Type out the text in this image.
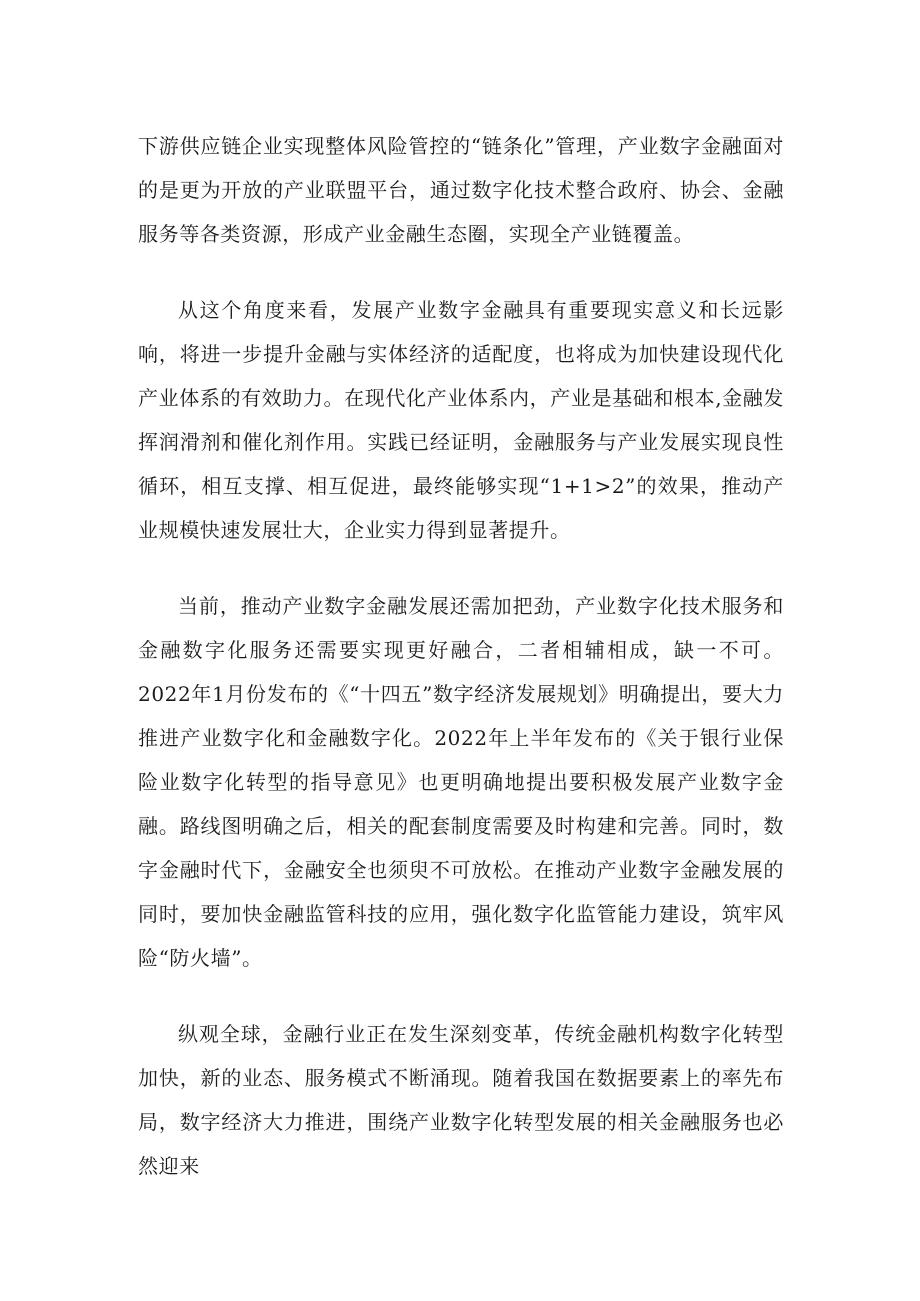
下游供应链企业实现整体风险管控的“链条化”管理，产业数字金融面对的是更为开放的产业联盟平台，通过数字化技术整合政府、协会、金融服务等各类资源，形成产业金融生态圈，实现全产业链覆盖。

从这个角度来看，发展产业数字金融具有重要现实意义和长远影响，将进一步提升金融与实体经济的适配度，也将成为加快建设现代化产业体系的有效助力。在现代化产业体系内，产业是基础和根本,金融发挥润滑剂和催化剂作用。实践已经证明，金融服务与产业发展实现良性循环，相互支撑、相互促进，最终能够实现“1+1>2”的效果，推动产业规模快速发展壮大，企业实力得到显著提升。

当前，推动产业数字金融发展还需加把劲，产业数字化技术服务和金融数字化服务还需要实现更好融合，二者相辅相成，缺一不可。2022年1月份发布的《“十四五”数字经济发展规划》明确提出，要大力推进产业数字化和金融数字化。2022年上半年发布的《关于银行业保险业数字化转型的指导意见》也更明确地提出要积极发展产业数字金融。路线图明确之后，相关的配套制度需要及时构建和完善。同时，数字金融时代下，金融安全也须臾不可放松。在推动产业数字金融发展的同时，要加快金融监管科技的应用，强化数字化监管能力建设，筑牢风险“防火墙”。

纵观全球，金融行业正在发生深刻变革，传统金融机构数字化转型加快，新的业态、服务模式不断涌现。随着我国在数据要素上的率先布局，数字经济大力推进，围绕产业数字化转型发展的相关金融服务也必然迎来
